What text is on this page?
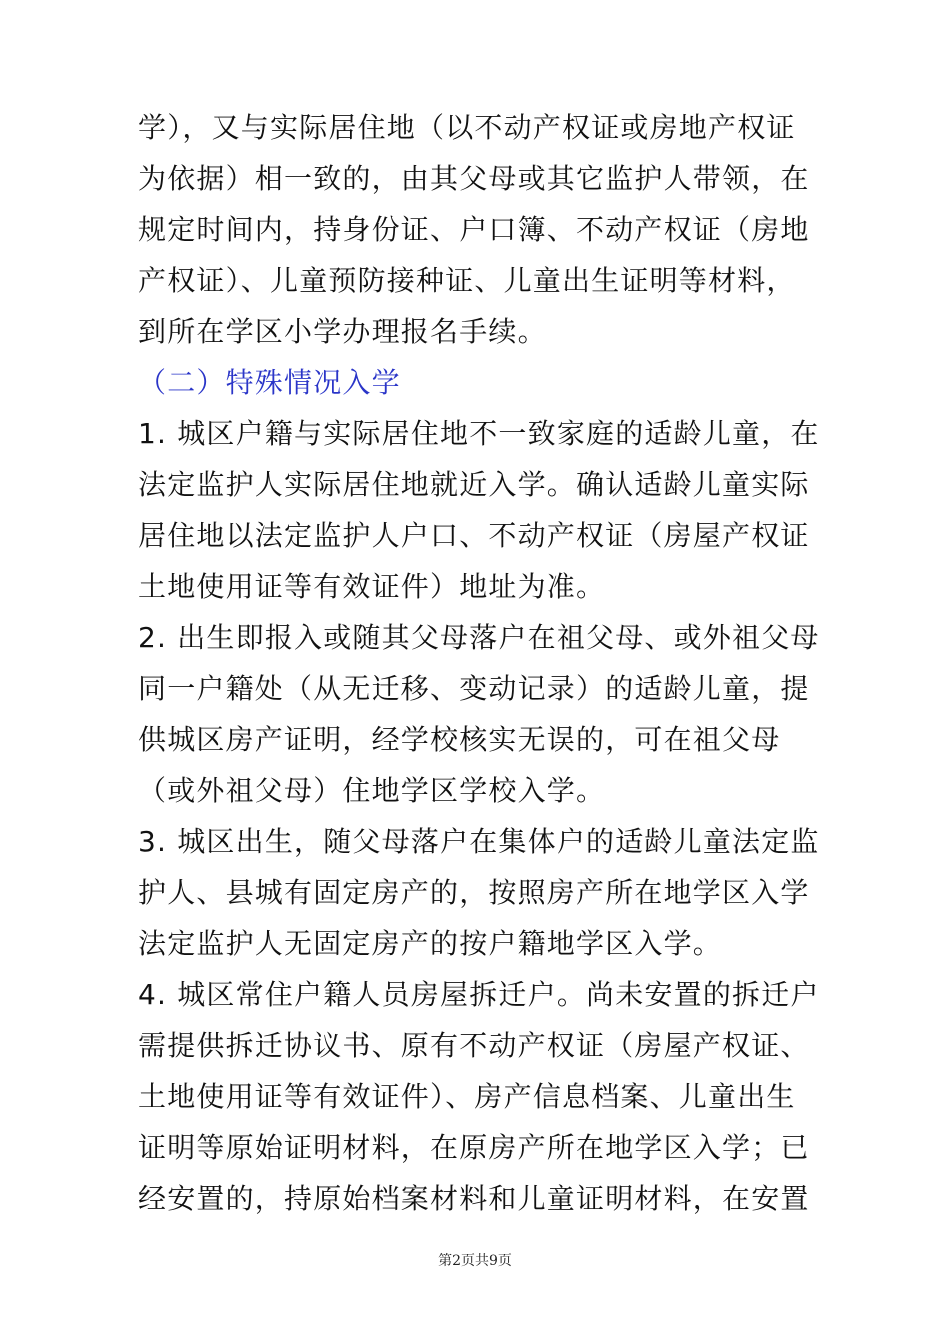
学），又与实际居住地（以不动产权证或房地产权证
为依据）相一致的，由其父母或其它监护人带领，在
规定时间内，持身份证、户口簿、不动产权证（房地
产权证）、儿童预防接种证、儿童出生证明等材料，
到所在学区小学办理报名手续。

（二）特殊情况入学

1. 城区户籍与实际居住地不一致家庭的适龄儿童，在
法定监护人实际居住地就近入学。确认适龄儿童实际
居住地以法定监护人户口、不动产权证（房屋产权证
土地使用证等有效证件）地址为准。

2. 出生即报入或随其父母落户在祖父母、或外祖父母
同一户籍处（从无迁移、变动记录）的适龄儿童，提
供城区房产证明，经学校核实无误的，可在祖父母
（或外祖父母）住地学区学校入学。

3. 城区出生，随父母落户在集体户的适龄儿童法定监
护人、县城有固定房产的，按照房产所在地学区入学
法定监护人无固定房产的按户籍地学区入学。

4. 城区常住户籍人员房屋拆迁户。尚未安置的拆迁户
需提供拆迁协议书、原有不动产权证（房屋产权证、
土地使用证等有效证件）、房产信息档案、儿童出生
证明等原始证明材料，在原房产所在地学区入学；已
经安置的，持原始档案材料和儿童证明材料，在安置

第2页共9页
